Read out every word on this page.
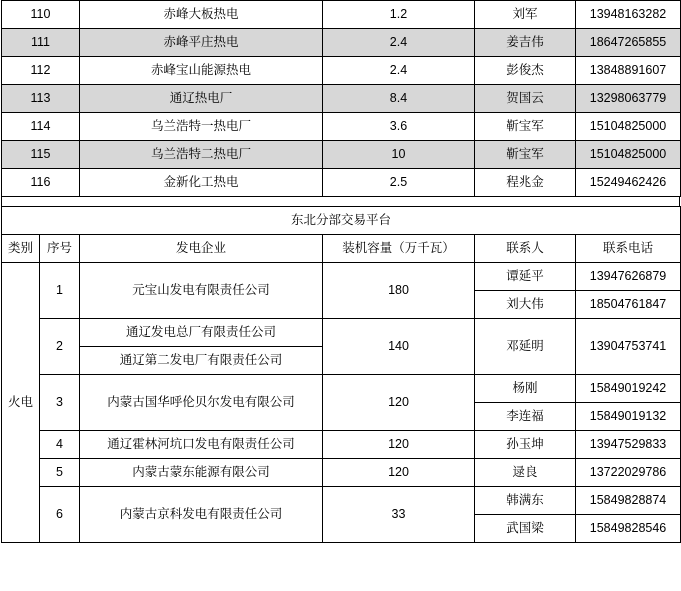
110	赤峰大板热电	1.2	刘军	13948163282
111	赤峰平庄热电	2.4	姜吉伟	18647265855
112	赤峰宝山能源热电	2.4	彭俊杰	13848891607
113	通辽热电厂	8.4	贺国云	13298063779
114	乌兰浩特一热电厂	3.6	靳宝军	15104825000
115	乌兰浩特二热电厂	10	靳宝军	15104825000
116	金新化工热电	2.5	程兆金	15249462426
东北分部交易平台					
类别	序号	发电企业	装机容量（万千瓦）	联系人	联系电话
火电	1	元宝山发电有限责任公司	180	谭延平	13947626879
				刘大伟	18504761847
	2	通辽发电总厂有限责任公司	140	邓延明	13904753741
		通辽第二发电厂有限责任公司			
	3	内蒙古国华呼伦贝尔发电有限公司	120	杨刚	15849019242
				李连福	15849019132
	4	通辽霍林河坑口发电有限责任公司	120	孙玉坤	13947529833
	5	内蒙古蒙东能源有限公司	120	逯良	13722029786
	6	内蒙古京科发电有限责任公司	33	韩满东	15849828874
				武国梁	15849828546
